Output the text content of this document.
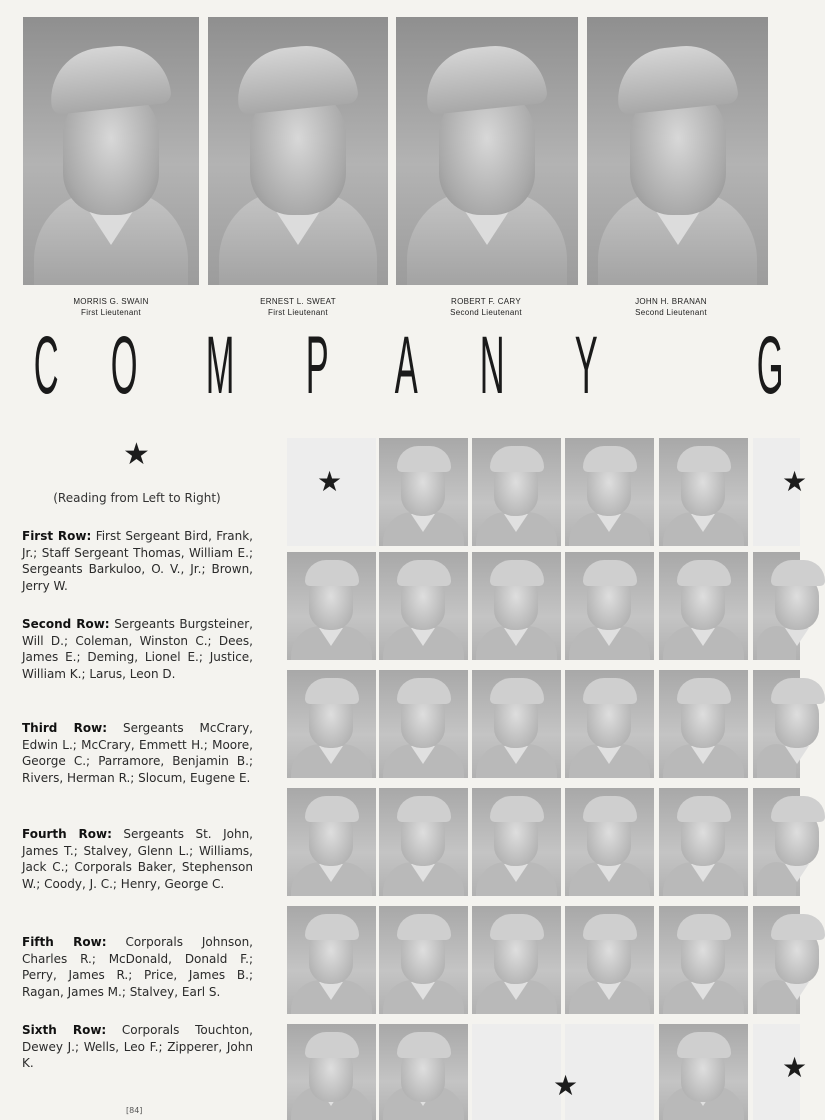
MORRIS G. SWAIN
First Lieutenant
ERNEST L. SWEAT
First Lieutenant
ROBERT F. CARY
Second Lieutenant
JOHN H. BRANAN
Second Lieutenant
C O M P A N Y G
★
(Reading from Left to Right)

First Row: First Sergeant Bird, Frank, Jr.; Staff Sergeant Thomas, William E.; Sergeants Barkuloo, O. V., Jr.; Brown, Jerry W.

Second Row: Sergeants Burgsteiner, Will D.; Coleman, Winston C.; Dees, James E.; Deming, Lionel E.; Justice, William K.; Larus, Leon D.

Third Row: Sergeants McCrary, Edwin L.; McCrary, Emmett H.; Moore, George C.; Parramore, Benjamin B.; Rivers, Herman R.; Slocum, Eugene E.

Fourth Row: Sergeants St. John, James T.; Stalvey, Glenn L.; Williams, Jack C.; Corporals Baker, Stephenson W.; Coody, J. C.; Henry, George C.

Fifth Row: Corporals Johnson, Charles R.; McDonald, Donald F.; Perry, James R.; Price, James B.; Ragan, James M.; Stalvey, Earl S.

Sixth Row: Corporals Touchton, Dewey J.; Wells, Leo F.; Zipperer, John K.

★	★
★
★
[84]
